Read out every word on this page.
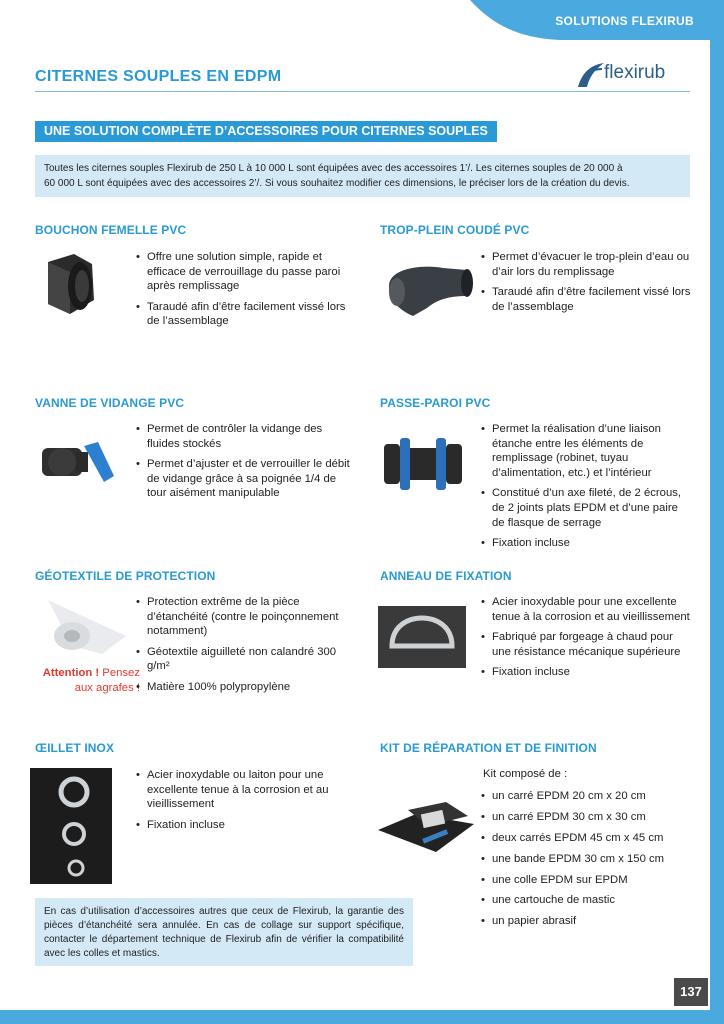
SOLUTIONS FLEXIRUB
CITERNES SOUPLES EN EDPM	flexirub
UNE SOLUTION COMPLÈTE D’ACCESSOIRES POUR CITERNES SOUPLES
Toutes les citernes souples Flexirub de 250 L à 10 000 L sont équipées avec des accessoires 1’/. Les citernes souples de 20 000 à
60 000 L sont équipées avec des accessoires 2’/. Si vous souhaitez modifier ces dimensions, le préciser lors de la création du devis.
BOUCHON FEMELLE PVC
• Offre une solution simple, rapide et efficace de verrouillage du passe paroi après remplissage
• Taraudé afin d’être facilement vissé lors de l’assemblage
TROP-PLEIN COUDÉ PVC
• Permet d’évacuer le trop-plein d’eau ou d’air lors du remplissage
• Taraudé afin d’être facilement vissé lors de l’assemblage
VANNE DE VIDANGE PVC
• Permet de contrôler la vidange des fluides stockés
• Permet d’ajuster et de verrouiller le débit de vidange grâce à sa poignée 1/4 de tour aisément manipulable
PASSE-PAROI PVC
• Permet la réalisation d’une liaison étanche entre les éléments de remplissage (robinet, tuyau d’alimentation, etc.) et l’intérieur
• Constitué d’un axe fileté, de 2 écrous, de 2 joints plats EPDM et d’une paire de flasque de serrage
• Fixation incluse
GÉOTEXTILE DE PROTECTION
Attention ! Pensez aux agrafes !
• Protection extrême de la pièce d’étanchéité (contre le poinçonnement notamment)
• Géotextile aiguilleté non calandré 300 g/m²
• Matière 100% polypropylène
ANNEAU DE FIXATION
• Acier inoxydable pour une excellente tenue à la corrosion et au vieillissement
• Fabriqué par forgeage à chaud pour une résistance mécanique supérieure
• Fixation incluse
ŒILLET INOX
• Acier inoxydable ou laiton pour une excellente tenue à la corrosion et au vieillissement
• Fixation incluse
KIT DE RÉPARATION ET DE FINITION
Kit composé de :
• un carré EPDM 20 cm x 20 cm
• un carré EPDM 30 cm x 30 cm
• deux carrés EPDM 45 cm x 45 cm
• une bande EPDM 30 cm x 150 cm
• une colle EPDM sur EPDM
• une cartouche de mastic
• un papier abrasif
En cas d’utilisation d’accessoires autres que ceux de Flexirub, la garantie des pièces d’étanchéité sera annulée. En cas de collage sur support spécifique, contacter le département technique de Flexirub afin de vérifier la compatibilité avec les colles et mastics.
137
